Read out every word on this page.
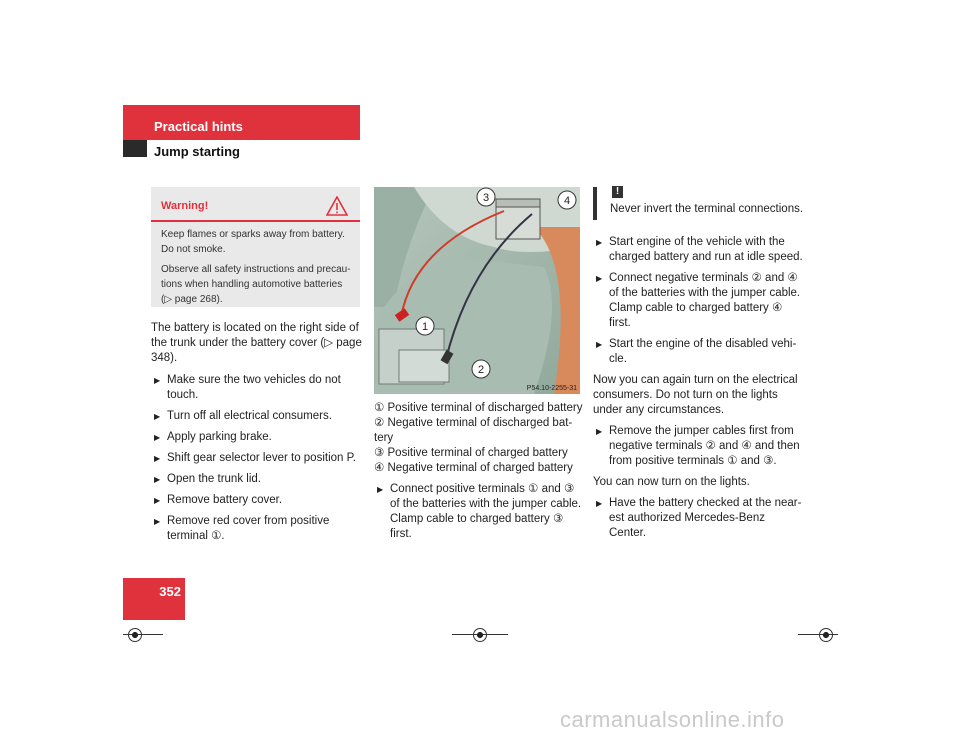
Practical hints
Jump starting
Warning!

Keep flames or sparks away from battery. Do not smoke.

Observe all safety instructions and precau-tions when handling automotive batteries (▷ page 268).

The battery is located on the right side of the trunk under the battery cover (▷ page 348).

▶ Make sure the two vehicles do not touch.

▶ Turn off all electrical consumers.

▶ Apply parking brake.

▶ Shift gear selector lever to position P.

▶ Open the trunk lid.

▶ Remove battery cover.

▶ Remove red cover from positive terminal ①.

3	4
1
2
P54.10-2255-31

① Positive terminal of discharged battery

② Negative terminal of discharged bat-tery

③ Positive terminal of charged battery

④ Negative terminal of charged battery

▶ Connect positive terminals ① and ③ of the batteries with the jumper cable. Clamp cable to charged battery ③ first.

!
Never invert the terminal connections.

▶ Start engine of the vehicle with the charged battery and run at idle speed.

▶ Connect negative terminals ② and ④ of the batteries with the jumper cable. Clamp cable to charged battery ④ first.

▶ Start the engine of the disabled vehi-cle.

Now you can again turn on the electrical consumers. Do not turn on the lights under any circumstances.

▶ Remove the jumper cables first from negative terminals ② and ④ and then from positive terminals ① and ③.

You can now turn on the lights.

▶ Have the battery checked at the near-est authorized Mercedes-Benz Center.

352
carmanualsonline.info
